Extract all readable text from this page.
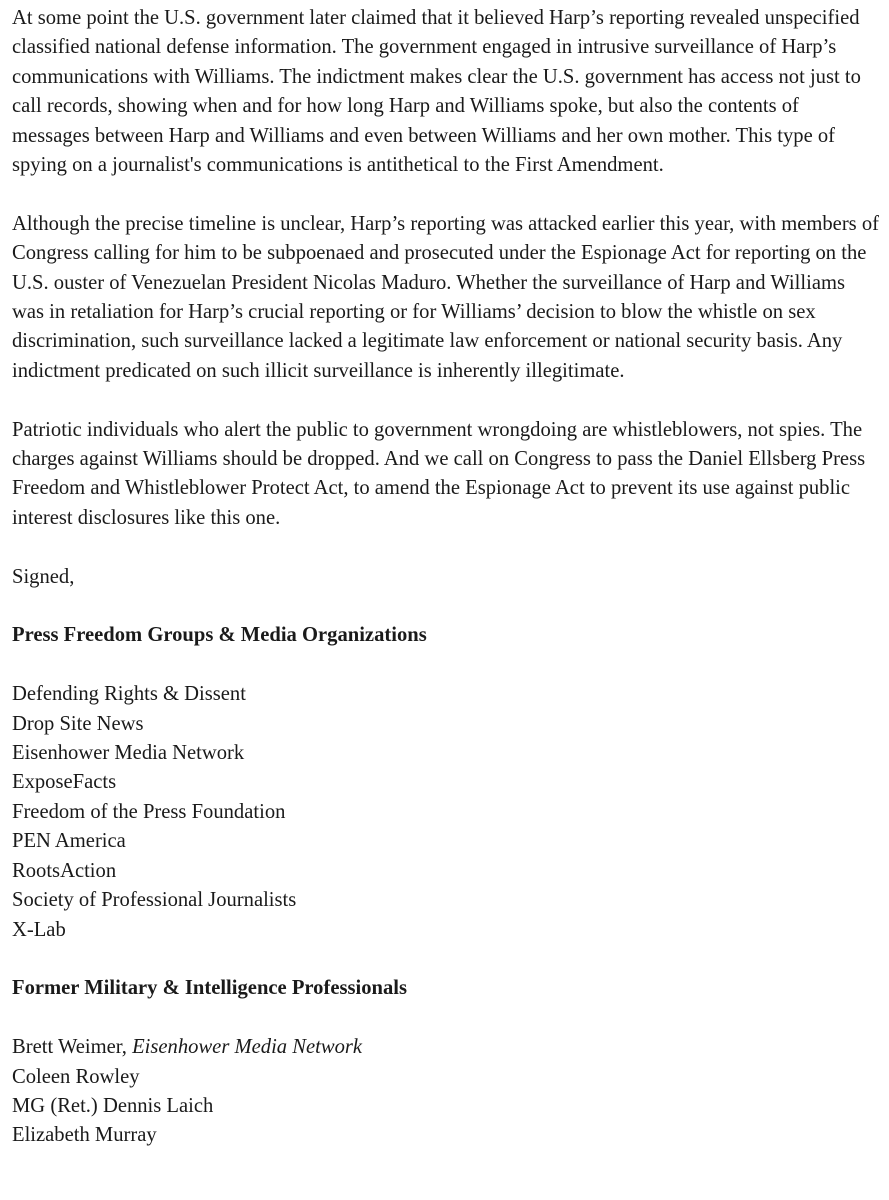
At some point the U.S. government later claimed that it believed Harp’s reporting revealed unspecified classified national defense information. The government engaged in intrusive surveillance of Harp’s communications with Williams. The indictment makes clear the U.S. government has access not just to call records, showing when and for how long Harp and Williams spoke, but also the contents of messages between Harp and Williams and even between Williams and her own mother. This type of spying on a journalist's communications is antithetical to the First Amendment.

Although the precise timeline is unclear, Harp’s reporting was attacked earlier this year, with members of Congress calling for him to be subpoenaed and prosecuted under the Espionage Act for reporting on the U.S. ouster of Venezuelan President Nicolas Maduro. Whether the surveillance of Harp and Williams was in retaliation for Harp’s crucial reporting or for Williams’ decision to blow the whistle on sex discrimination, such surveillance lacked a legitimate law enforcement or national security basis. Any indictment predicated on such illicit surveillance is inherently illegitimate.

Patriotic individuals who alert the public to government wrongdoing are whistleblowers, not spies. The charges against Williams should be dropped. And we call on Congress to pass the Daniel Ellsberg Press Freedom and Whistleblower Protect Act, to amend the Espionage Act to prevent its use against public interest disclosures like this one.

Signed,

Press Freedom Groups & Media Organizations
Defending Rights & Dissent
Drop Site News
Eisenhower Media Network
ExposeFacts
Freedom of the Press Foundation
PEN America
RootsAction
Society of Professional Journalists
X-Lab
Former Military & Intelligence Professionals
Brett Weimer, Eisenhower Media Network
Coleen Rowley
MG (Ret.) Dennis Laich
Elizabeth Murray
